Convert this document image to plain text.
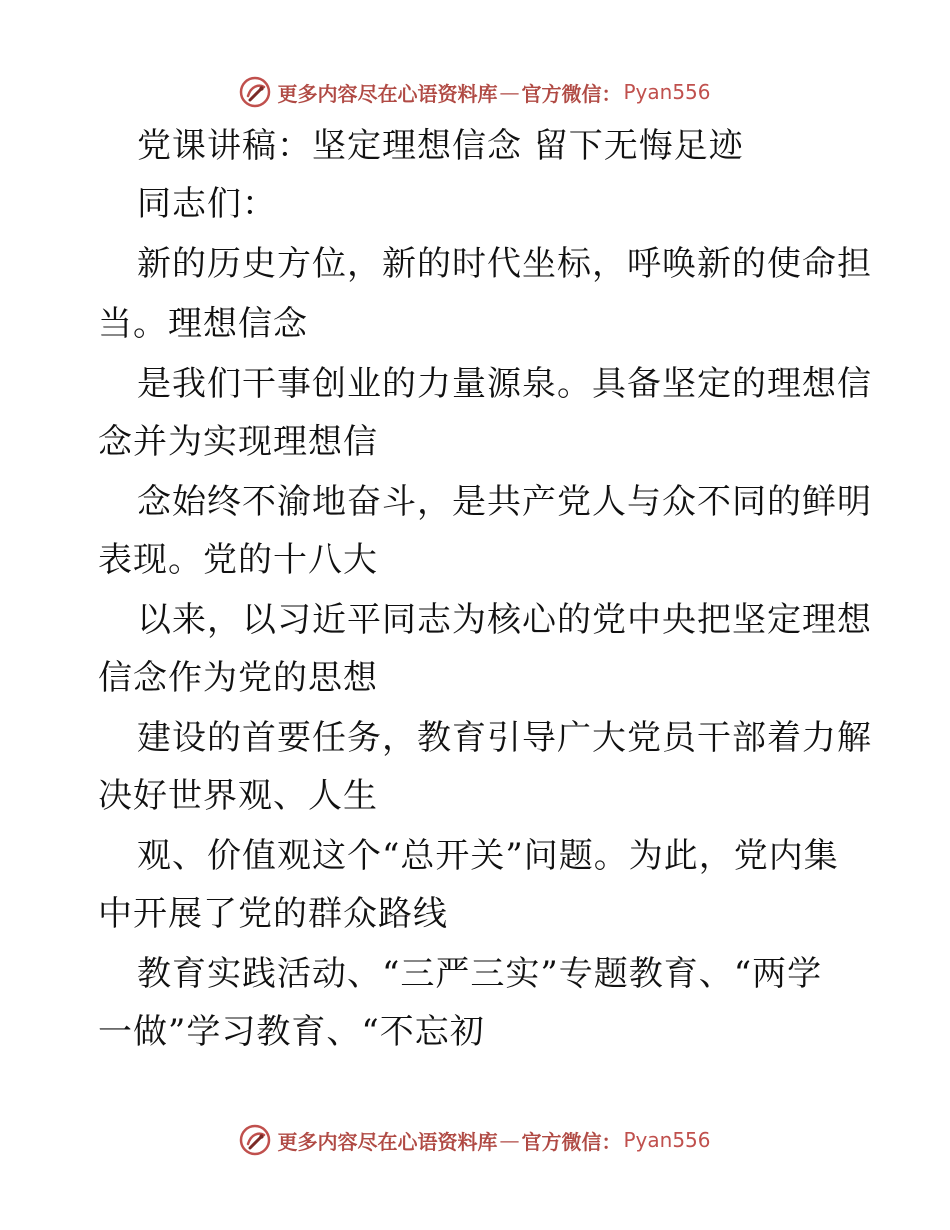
更多内容尽在心语资料库 — 官方微信： Pyan556
党课讲稿：坚定理想信念 留下无悔足迹
同志们：
新的历史方位，新的时代坐标，呼唤新的使命担
当。理想信念
是我们干事创业的力量源泉。具备坚定的理想信
念并为实现理想信
念始终不渝地奋斗，是共产党人与众不同的鲜明
表现。党的十八大
以来，以习近平同志为核心的党中央把坚定理想
信念作为党的思想
建设的首要任务，教育引导广大党员干部着力解
决好世界观、人生
观、价值观这个“总开关”问题。为此，党内集
中开展了党的群众路线
教育实践活动、“三严三实”专题教育、“两学
一做”学习教育、“不忘初
更多内容尽在心语资料库 — 官方微信： Pyan556
